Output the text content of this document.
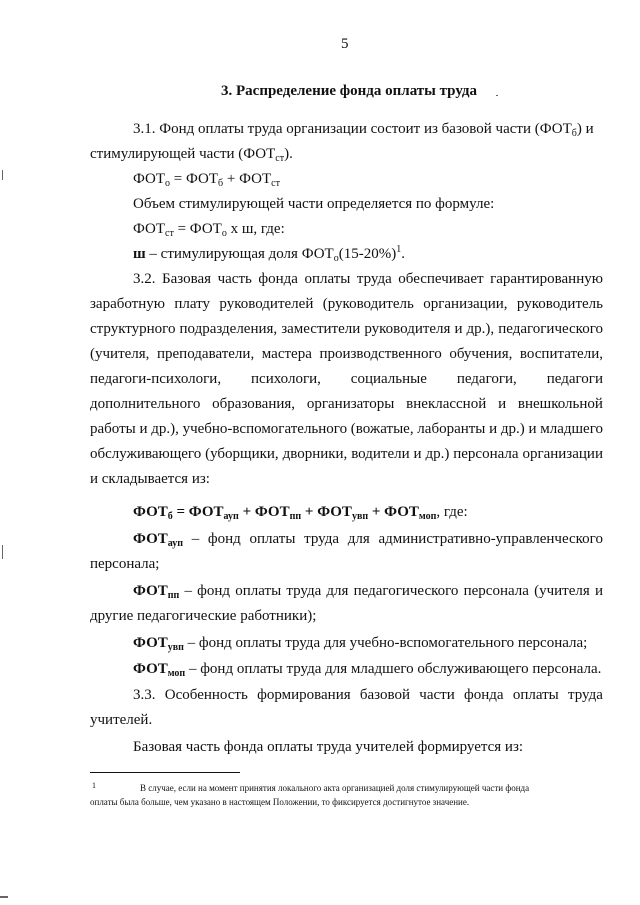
5
3. Распределение фонда оплаты труда
3.1. Фонд оплаты труда организации состоит из базовой части $(ФОТ_б)$ и
стимулирующей части $(ФОТ_{ст})$.
$ФОТ_о = ФОТ_б + ФОТ_{ст}$
Объем стимулирующей части определяется по формуле:
$ФОТ_{ст} = ФОТ_о$ х ш, где:
ш – стимулирующая доля $ФОТ_о(15-20\%)^1$.
3.2. Базовая часть фонда оплаты труда обеспечивает гарантированную
заработную плату руководителей (руководитель организации, руководитель
структурного подразделения, заместители руководителя и др.), педагогического
(учителя, преподаватели, мастера производственного обучения, воспитатели,
педагоги-психологи, психологи, социальные педагоги, педагоги
дополнительного образования, организаторы внеклассной и внешкольной
работы и др.), учебно-вспомогательного (вожатые, лаборанты и др.) и младшего
обслуживающего (уборщики, дворники, водители и др.) персонала организации
и складывается из:
$ФОТ_б = ФОТ_{ауп} + ФОТ_{пп} + ФОТ_{увп} + ФОТ_{моп}$, где:
$ФОТ_{ауп}$ – фонд оплаты труда для административно-управленческого
персонала;
$ФОТ_{пп}$ – фонд оплаты труда для педагогического персонала (учителя и
другие педагогические работники);
$ФОТ_{увп}$ – фонд оплаты труда для учебно-вспомогательного персонала;
$ФОТ_{моп}$ – фонд оплаты труда для младшего обслуживающего персонала.
3.3. Особенность формирования базовой части фонда оплаты труда
учителей.
Базовая часть фонда оплаты труда учителей формируется из:
1	В случае, если на момент принятия локального акта организацией доля стимулирующей части фонда
оплаты была больше, чем указано в настоящем Положении, то фиксируется достигнутое значение.
